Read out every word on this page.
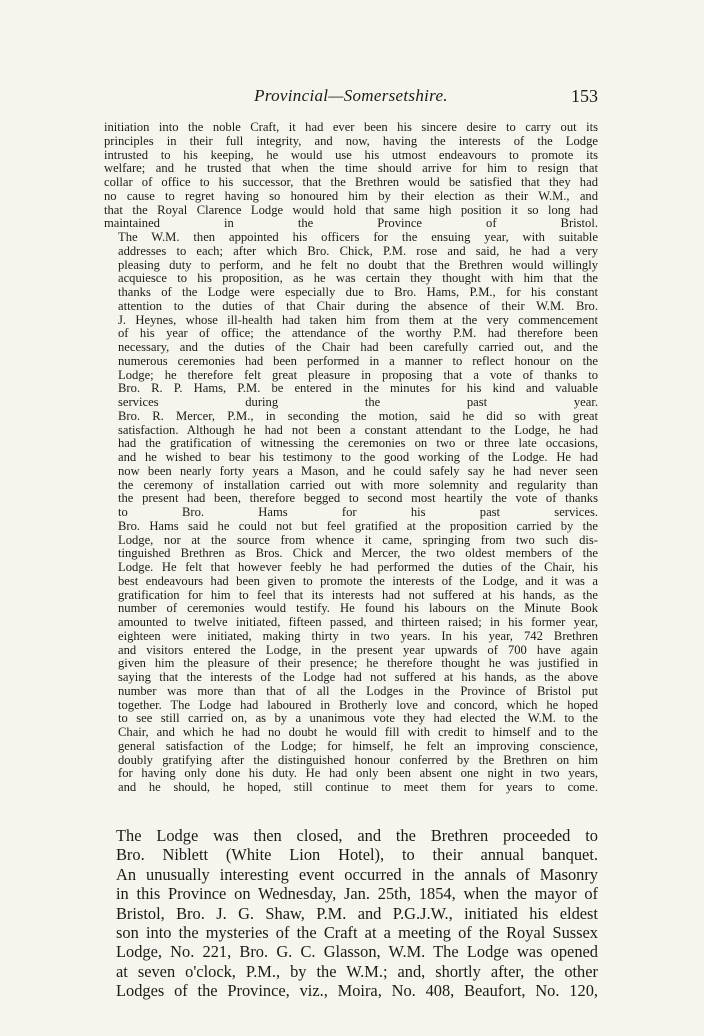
Provincial—Somersetshire.	153

initiation into the noble Craft, it had ever been his sincere desire to carry out its
principles in their full integrity, and now, having the interests of the Lodge
intrusted to his keeping, he would use his utmost endeavours to promote its
welfare; and he trusted that when the time should arrive for him to resign that
collar of office to his successor, that the Brethren would be satisfied that they had
no cause to regret having so honoured him by their election as their W.M., and
that the Royal Clarence Lodge would hold that same high position it so long had
maintained in the Province of Bristol.

The W.M. then appointed his officers for the ensuing year, with suitable
addresses to each; after which Bro. Chick, P.M. rose and said, he had a very
pleasing duty to perform, and he felt no doubt that the Brethren would willingly
acquiesce to his proposition, as he was certain they thought with him that the
thanks of the Lodge were especially due to Bro. Hams, P.M., for his constant
attention to the duties of that Chair during the absence of their W.M. Bro.
J. Heynes, whose ill-health had taken him from them at the very commencement
of his year of office; the attendance of the worthy P.M. had therefore been
necessary, and the duties of the Chair had been carefully carried out, and the
numerous ceremonies had been performed in a manner to reflect honour on the
Lodge; he therefore felt great pleasure in proposing that a vote of thanks to
Bro. R. P. Hams, P.M. be entered in the minutes for his kind and valuable
services during the past year.

Bro. R. Mercer, P.M., in seconding the motion, said he did so with great
satisfaction. Although he had not been a constant attendant to the Lodge, he had
had the gratification of witnessing the ceremonies on two or three late occasions,
and he wished to bear his testimony to the good working of the Lodge. He had
now been nearly forty years a Mason, and he could safely say he had never seen
the ceremony of installation carried out with more solemnity and regularity than
the present had been, therefore begged to second most heartily the vote of thanks
to Bro. Hams for his past services.

Bro. Hams said he could not but feel gratified at the proposition carried by the
Lodge, nor at the source from whence it came, springing from two such dis-
tinguished Brethren as Bros. Chick and Mercer, the two oldest members of the
Lodge. He felt that however feebly he had performed the duties of the Chair, his
best endeavours had been given to promote the interests of the Lodge, and it was a
gratification for him to feel that its interests had not suffered at his hands, as the
number of ceremonies would testify. He found his labours on the Minute Book
amounted to twelve initiated, fifteen passed, and thirteen raised; in his former year,
eighteen were initiated, making thirty in two years. In his year, 742 Brethren
and visitors entered the Lodge, in the present year upwards of 700 have again
given him the pleasure of their presence; he therefore thought he was justified in
saying that the interests of the Lodge had not suffered at his hands, as the above
number was more than that of all the Lodges in the Province of Bristol put
together. The Lodge had laboured in Brotherly love and concord, which he hoped
to see still carried on, as by a unanimous vote they had elected the W.M. to the
Chair, and which he had no doubt he would fill with credit to himself and to the
general satisfaction of the Lodge; for himself, he felt an improving conscience,
doubly gratifying after the distinguished honour conferred by the Brethren on him
for having only done his duty. He had only been absent one night in two years,
and he should, he hoped, still continue to meet them for years to come.

The Lodge was then closed, and the Brethren proceeded to
Bro. Niblett (White Lion Hotel), to their annual banquet.

An unusually interesting event occurred in the annals of Masonry
in this Province on Wednesday, Jan. 25th, 1854, when the mayor of
Bristol, Bro. J. G. Shaw, P.M. and P.G.J.W., initiated his eldest
son into the mysteries of the Craft at a meeting of the Royal Sussex
Lodge, No. 221, Bro. G. C. Glasson, W.M. The Lodge was opened
at seven o'clock, P.M., by the W.M.; and, shortly after, the other
Lodges of the Province, viz., Moira, No. 408, Beaufort, No. 120,
